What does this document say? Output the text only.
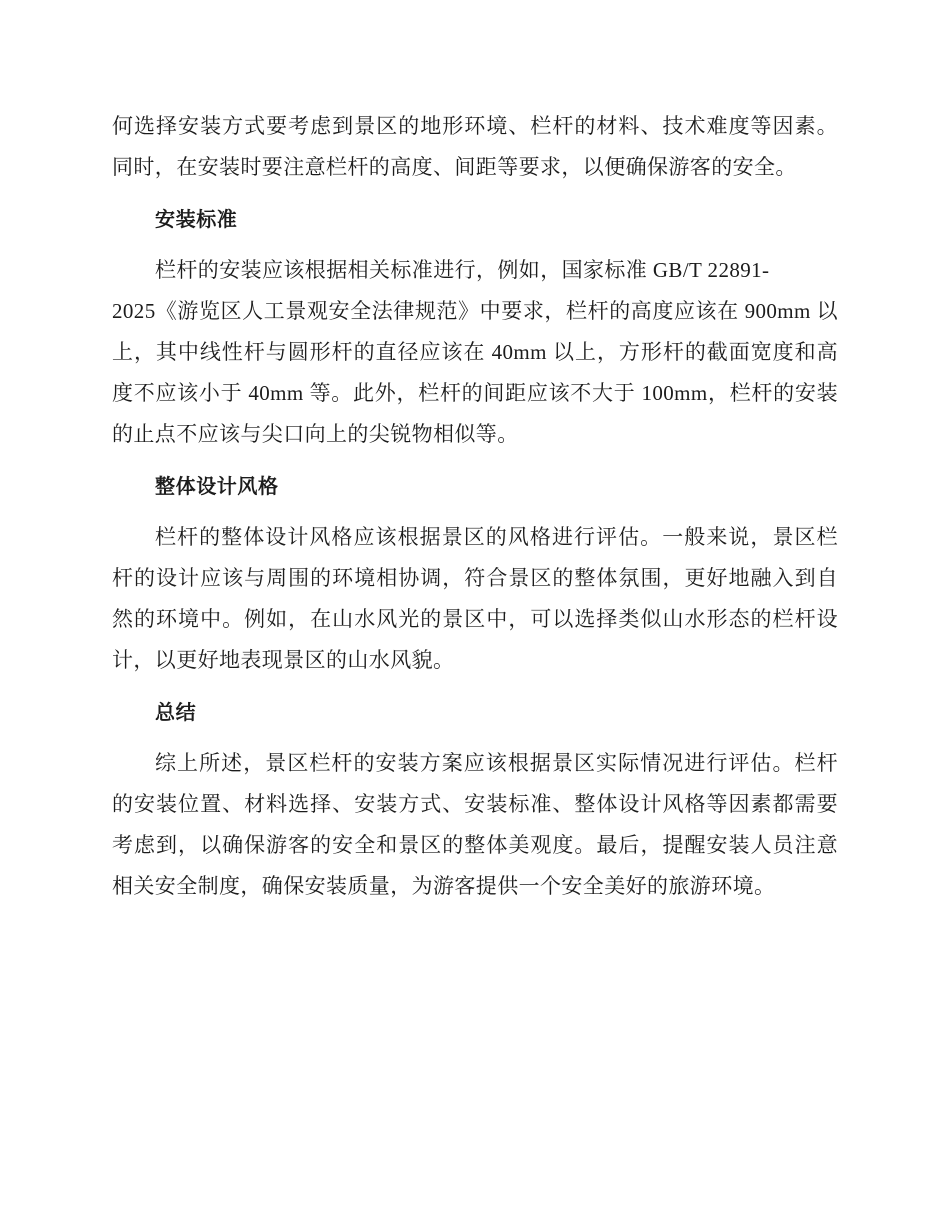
何选择安装方式要考虑到景区的地形环境、栏杆的材料、技术难度等因素。同时，在安装时要注意栏杆的高度、间距等要求，以便确保游客的安全。

安装标准

栏杆的安装应该根据相关标准进行，例如，国家标准 GB/T 22891-
2025《游览区人工景观安全法律规范》中要求，栏杆的高度应该在 900mm 以上，其中线性杆与圆形杆的直径应该在 40mm 以上，方形杆的截面宽度和高度不应该小于 40mm 等。此外，栏杆的间距应该不大于 100mm，栏杆的安装的止点不应该与尖口向上的尖锐物相似等。

整体设计风格

栏杆的整体设计风格应该根据景区的风格进行评估。一般来说，景区栏杆的设计应该与周围的环境相协调，符合景区的整体氛围，更好地融入到自然的环境中。例如，在山水风光的景区中，可以选择类似山水形态的栏杆设计，以更好地表现景区的山水风貌。

总结

综上所述，景区栏杆的安装方案应该根据景区实际情况进行评估。栏杆的安装位置、材料选择、安装方式、安装标准、整体设计风格等因素都需要考虑到，以确保游客的安全和景区的整体美观度。最后，提醒安装人员注意相关安全制度，确保安装质量，为游客提供一个安全美好的旅游环境。
